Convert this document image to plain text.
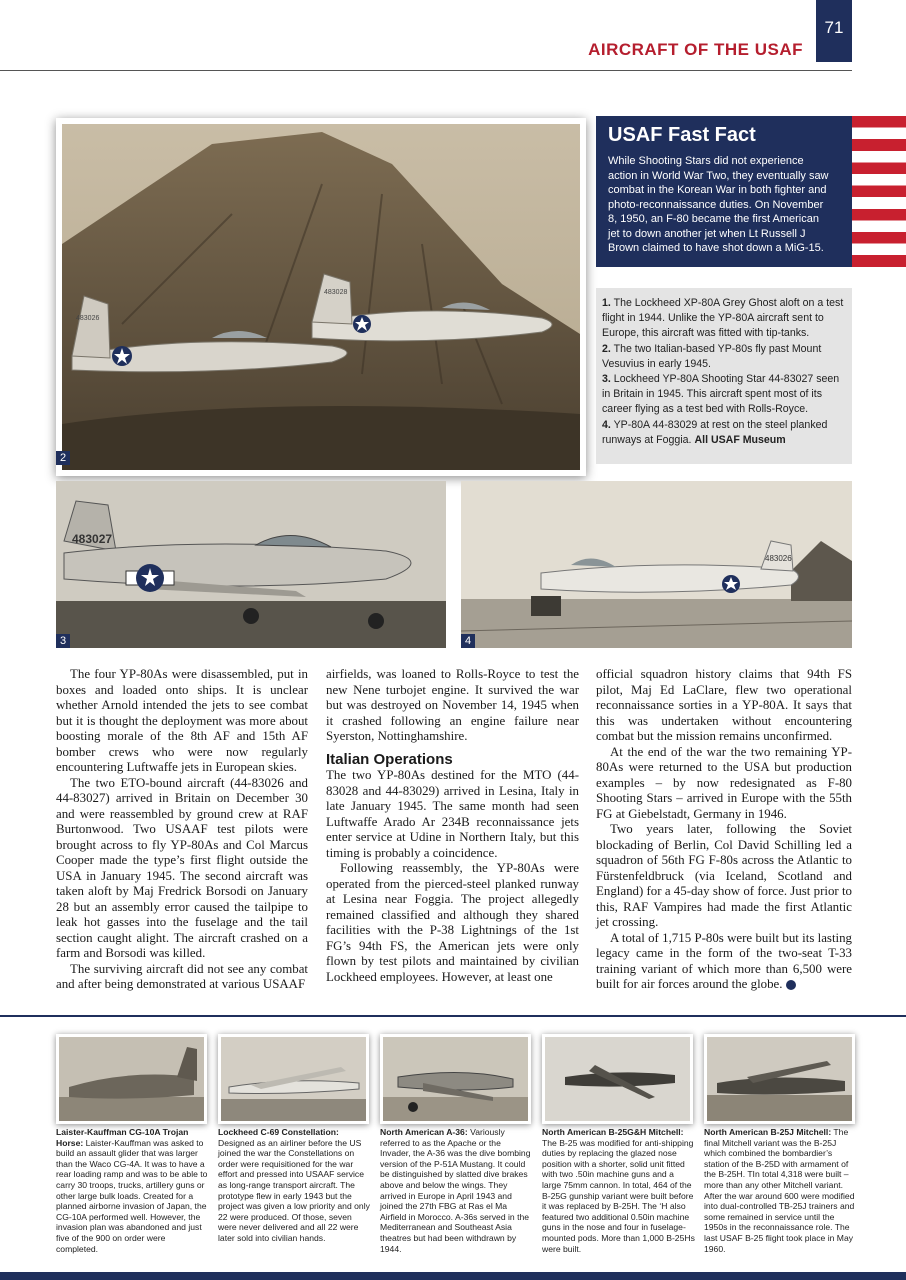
71
AIRCRAFT OF THE USAF
483026
483028
2
USAF Fast Fact
While Shooting Stars did not experience action in World War Two, they eventually saw combat in the Korean War in both fighter and photo-reconnaissance duties. On November 8, 1950, an F-80 became the first American jet to down another jet when Lt Russell J Brown claimed to have shot down a MiG-15.
1. The Lockheed XP-80A Grey Ghost aloft on a test flight in 1944. Unlike the YP-80A aircraft sent to Europe, this aircraft was fitted with tip-tanks.
2. The two Italian-based YP-80s fly past Mount Vesuvius in early 1945.
3. Lockheed YP-80A Shooting Star 44-83027 seen in Britain in 1945. This aircraft spent most of its career flying as a test bed with Rolls-Royce.
4. YP-80A 44-83029 at rest on the steel planked runways at Foggia. All USAF Museum
483027
3
483026
4

The four YP-80As were disassembled, put in boxes and loaded onto ships. It is unclear whether Arnold intended the jets to see combat but it is thought the deployment was more about boosting morale of the 8th AF and 15th AF bomber crews who were now regularly encountering Luftwaffe jets in European skies.

The two ETO-bound aircraft (44-83026 and 44-83027) arrived in Britain on December 30 and were reassembled by ground crew at RAF Burtonwood. Two USAAF test pilots were brought across to fly YP-80As and Col Marcus Cooper made the type’s first flight outside the USA in January 1945. The second aircraft was taken aloft by Maj Fredrick Borsodi on January 28 but an assembly error caused the tailpipe to leak hot gasses into the fuselage and the tail section caught alight. The aircraft crashed on a farm and Borsodi was killed.

The surviving aircraft did not see any combat and after being demonstrated at various USAAF

airfields, was loaned to Rolls-Royce to test the new Nene turbojet engine. It survived the war but was destroyed on November 14, 1945 when it crashed following an engine failure near Syerston, Nottinghamshire.

Italian Operations

The two YP-80As destined for the MTO (44-83028 and 44-83029) arrived in Lesina, Italy in late January 1945. The same month had seen Luftwaffe Arado Ar 234B reconnaissance jets enter service at Udine in Northern Italy, but this timing is probably a coincidence.

Following reassembly, the YP-80As were operated from the pierced-steel planked runway at Lesina near Foggia. The project allegedly remained classified and although they shared facilities with the P-38 Lightnings of the 1st FG’s 94th FS, the American jets were only flown by test pilots and maintained by civilian Lockheed employees. However, at least one

official squadron history claims that 94th FS pilot, Maj Ed LaClare, flew two operational reconnaissance sorties in a YP-80A. It says that this was undertaken without encountering combat but the mission remains unconfirmed.

At the end of the war the two remaining YP-80As were returned to the USA but production examples – by now redesignated as F-80 Shooting Stars – arrived in Europe with the 55th FG at Giebelstadt, Germany in 1946.

Two years later, following the Soviet blockading of Berlin, Col David Schilling led a squadron of 56th FG F-80s across the Atlantic to Fürstenfeldbruck (via Iceland, Scotland and England) for a 45-day show of force. Just prior to this, RAF Vampires had made the first Atlantic jet crossing.

A total of 1,715 P-80s were built but its lasting legacy came in the form of the two-seat T-33 training variant of which more than 6,500 were built for air forces around the globe.

Laister-Kauffman CG-10A Trojan Horse: Laister-Kauffman was asked to build an assault glider that was larger than the Waco CG-4A. It was to have a rear loading ramp and was to be able to carry 30 troops, trucks, artillery guns or other large bulk loads. Created for a planned airborne invasion of Japan, the CG-10A performed well. However, the invasion plan was abandoned and just five of the 900 on order were completed.
Lockheed C-69 Constellation: Designed as an airliner before the US joined the war the Constellations on order were requisitioned for the war effort and pressed into USAAF service as long-range transport aircraft. The prototype flew in early 1943 but the project was given a low priority and only 22 were produced. Of those, seven were never delivered and all 22 were later sold into civilian hands.
North American A-36: Variously referred to as the Apache or the Invader, the A-36 was the dive bombing version of the P-51A Mustang. It could be distinguished by slatted dive brakes above and below the wings. They arrived in Europe in April 1943 and joined the 27th FBG at Ras el Ma Airfield in Morocco. A-36s served in the Mediterranean and Southeast Asia theatres but had been withdrawn by 1944.
North American B-25G&H Mitchell: The B-25 was modified for anti-shipping duties by replacing the glazed nose position with a shorter, solid unit fitted with two .50in machine guns and a large 75mm cannon. In total, 464 of the B-25G gunship variant were built before it was replaced by B-25H. The ‘H also featured two additional 0.50in machine guns in the nose and four in fuselage-mounted pods. More than 1,000 B-25Hs were built.
North American B-25J Mitchell: The final Mitchell variant was the B-25J which combined the bombardier’s station of the B-25D with armament of the B-25H. TIn total 4,318 were built – more than any other Mitchell variant. After the war around 600 were modified into dual-controlled TB-25J trainers and some remained in service until the 1950s in the reconnaissance role. The last USAF B-25 flight took place in May 1960.
